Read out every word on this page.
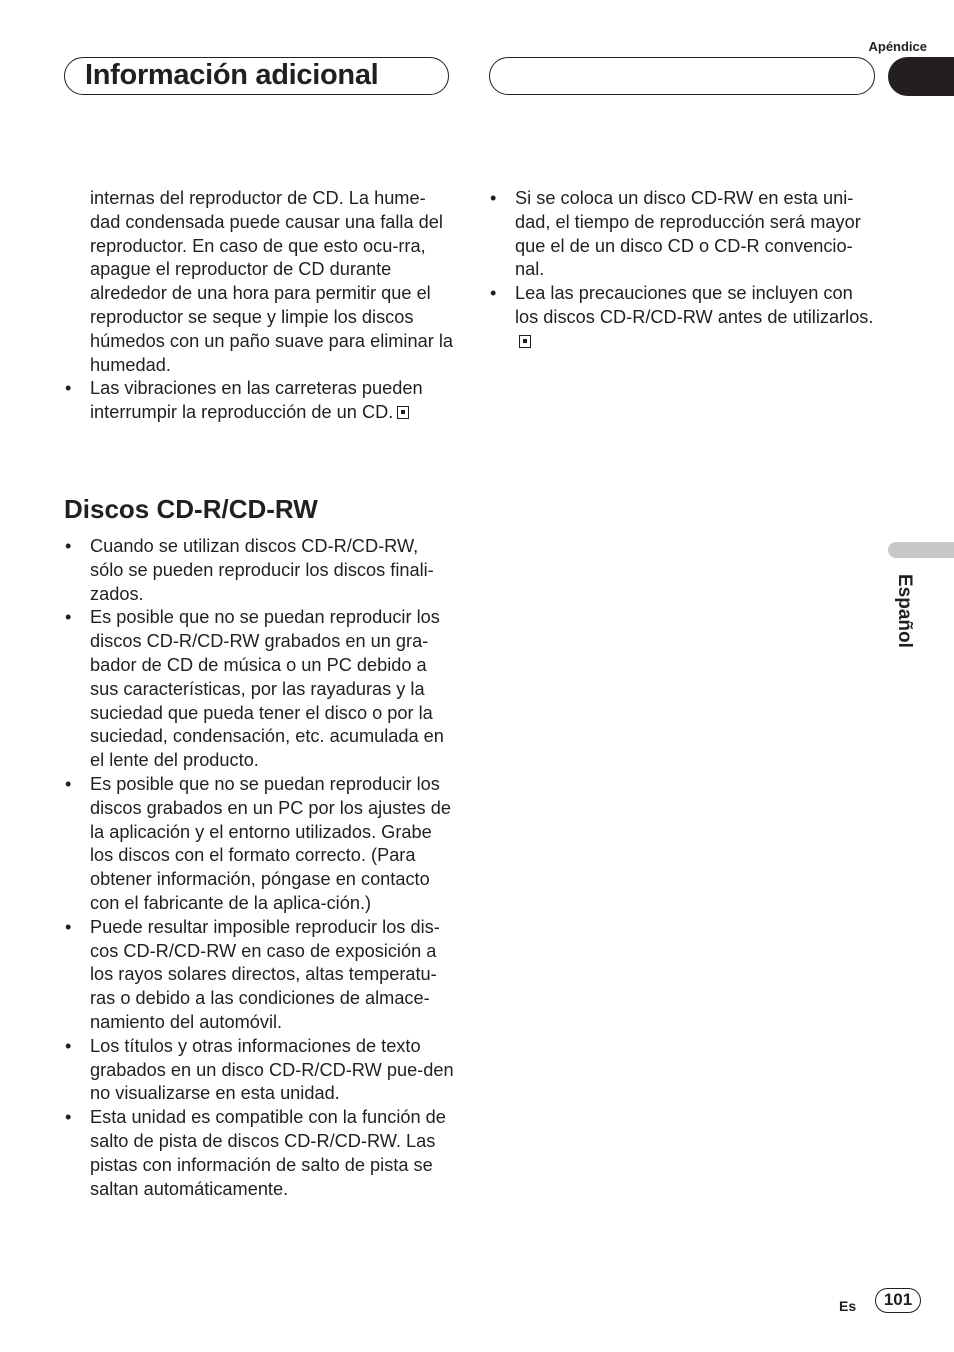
Apéndice
Información adicional

internas del reproductor de CD. La hume-dad condensada puede causar una falla del reproductor. En caso de que esto ocu-rra, apague el reproductor de CD durante alrededor de una hora para permitir que el reproductor se seque y limpie los discos húmedos con un paño suave para eliminar la humedad.

• Las vibraciones en las carreteras pueden interrumpir la reproducción de un CD.
Discos CD-R/CD-RW
• Cuando se utilizan discos CD-R/CD-RW, sólo se pueden reproducir los discos finali-zados.
• Es posible que no se puedan reproducir los discos CD-R/CD-RW grabados en un gra-bador de CD de música o un PC debido a sus características, por las rayaduras y la suciedad que pueda tener el disco o por la suciedad, condensación, etc. acumulada en el lente del producto.
• Es posible que no se puedan reproducir los discos grabados en un PC por los ajustes de la aplicación y el entorno utilizados. Grabe los discos con el formato correcto. (Para obtener información, póngase en contacto con el fabricante de la aplica-ción.)
• Puede resultar imposible reproducir los dis-cos CD-R/CD-RW en caso de exposición a los rayos solares directos, altas temperatu-ras o debido a las condiciones de almace-namiento del automóvil.
• Los títulos y otras informaciones de texto grabados en un disco CD-R/CD-RW pue-den no visualizarse en esta unidad.
• Esta unidad es compatible con la función de salto de pista de discos CD-R/CD-RW. Las pistas con información de salto de pista se saltan automáticamente.
• Si se coloca un disco CD-RW en esta uni-dad, el tiempo de reproducción será mayor que el de un disco CD o CD-R convencio-nal.
• Lea las precauciones que se incluyen con los discos CD-R/CD-RW antes de utilizarlos.
Español
Es	101
